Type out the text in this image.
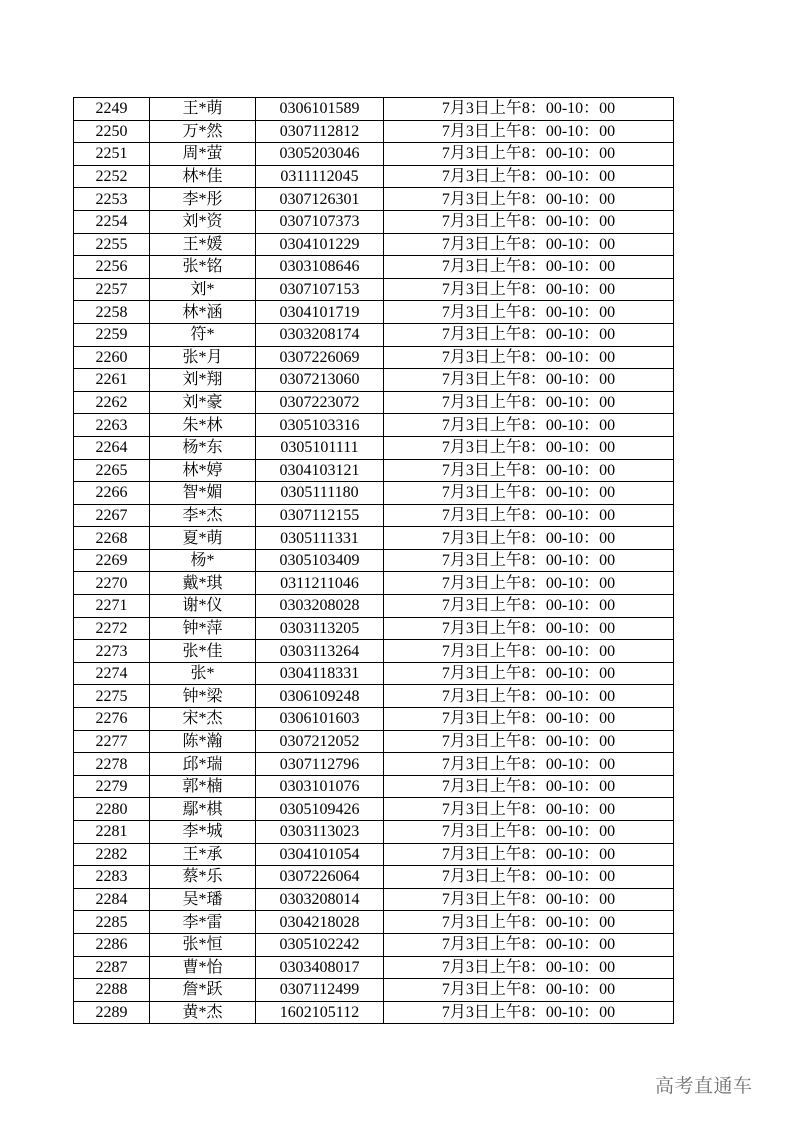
2249	王*萌	0306101589	7月3日上午8：00-10：00
2250	万*然	0307112812	7月3日上午8：00-10：00
2251	周*萤	0305203046	7月3日上午8：00-10：00
2252	林*佳	0311112045	7月3日上午8：00-10：00
2253	李*彤	0307126301	7月3日上午8：00-10：00
2254	刘*资	0307107373	7月3日上午8：00-10：00
2255	王*媛	0304101229	7月3日上午8：00-10：00
2256	张*铭	0303108646	7月3日上午8：00-10：00
2257	刘*	0307107153	7月3日上午8：00-10：00
2258	林*涵	0304101719	7月3日上午8：00-10：00
2259	符*	0303208174	7月3日上午8：00-10：00
2260	张*月	0307226069	7月3日上午8：00-10：00
2261	刘*翔	0307213060	7月3日上午8：00-10：00
2262	刘*豪	0307223072	7月3日上午8：00-10：00
2263	朱*林	0305103316	7月3日上午8：00-10：00
2264	杨*东	0305101111	7月3日上午8：00-10：00
2265	林*婷	0304103121	7月3日上午8：00-10：00
2266	智*媚	0305111180	7月3日上午8：00-10：00
2267	李*杰	0307112155	7月3日上午8：00-10：00
2268	夏*萌	0305111331	7月3日上午8：00-10：00
2269	杨*	0305103409	7月3日上午8：00-10：00
2270	戴*琪	0311211046	7月3日上午8：00-10：00
2271	谢*仪	0303208028	7月3日上午8：00-10：00
2272	钟*萍	0303113205	7月3日上午8：00-10：00
2273	张*佳	0303113264	7月3日上午8：00-10：00
2274	张*	0304118331	7月3日上午8：00-10：00
2275	钟*梁	0306109248	7月3日上午8：00-10：00
2276	宋*杰	0306101603	7月3日上午8：00-10：00
2277	陈*瀚	0307212052	7月3日上午8：00-10：00
2278	邱*瑞	0307112796	7月3日上午8：00-10：00
2279	郭*楠	0303101076	7月3日上午8：00-10：00
2280	鄢*棋	0305109426	7月3日上午8：00-10：00
2281	李*城	0303113023	7月3日上午8：00-10：00
2282	王*承	0304101054	7月3日上午8：00-10：00
2283	蔡*乐	0307226064	7月3日上午8：00-10：00
2284	吴*璠	0303208014	7月3日上午8：00-10：00
2285	李*雷	0304218028	7月3日上午8：00-10：00
2286	张*恒	0305102242	7月3日上午8：00-10：00
2287	曹*怡	0303408017	7月3日上午8：00-10：00
2288	詹*跃	0307112499	7月3日上午8：00-10：00
2289	黄*杰	1602105112	7月3日上午8：00-10：00
高考直通车
